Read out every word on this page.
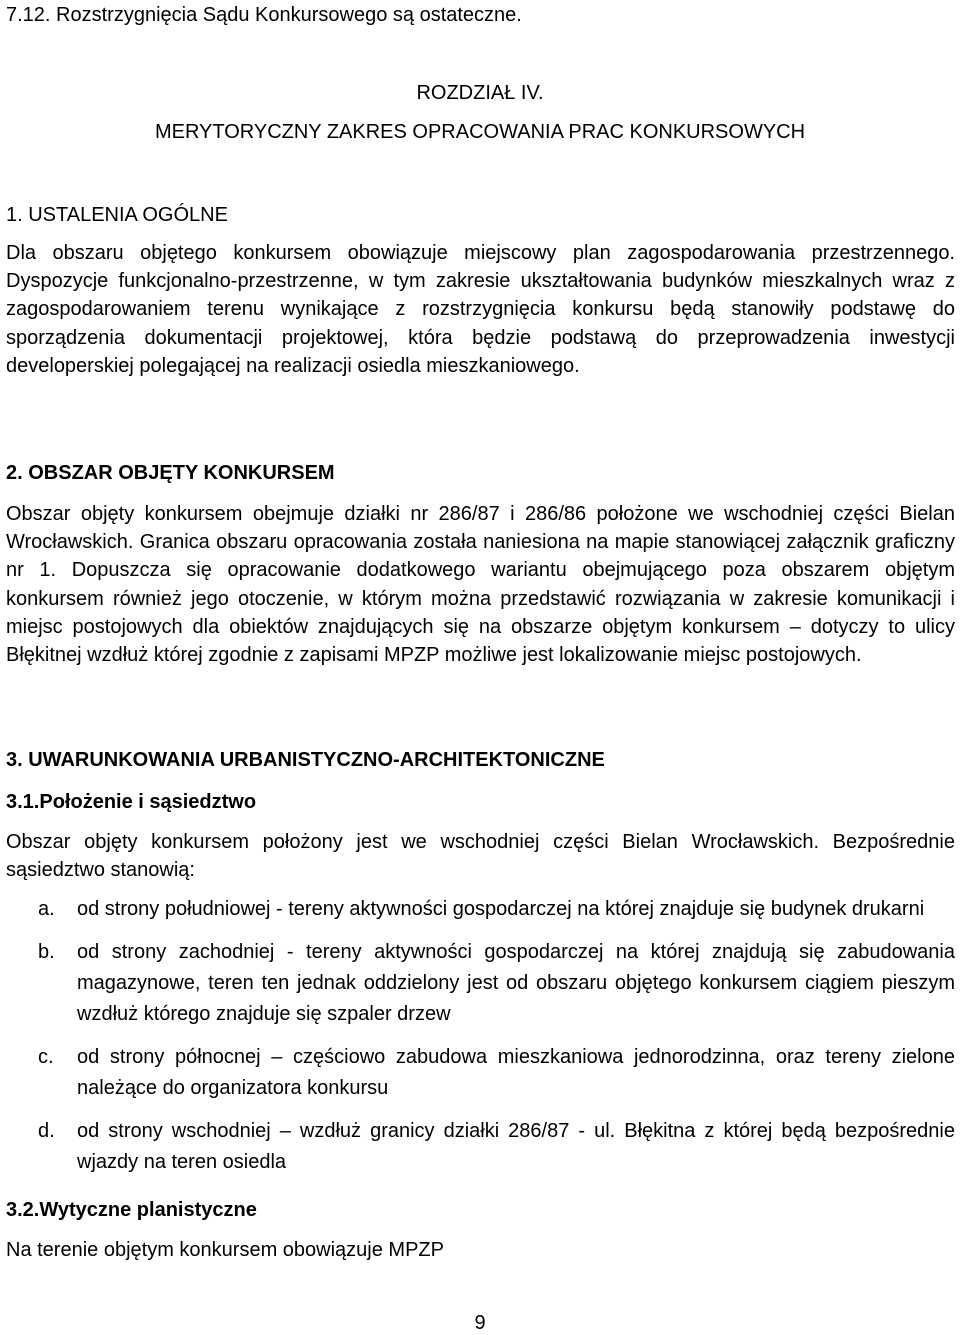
7.12. Rozstrzygnięcia Sądu Konkursowego są ostateczne.

ROZDZIAŁ IV.

MERYTORYCZNY ZAKRES OPRACOWANIA PRAC KONKURSOWYCH

1. USTALENIA OGÓLNE

Dla obszaru objętego konkursem obowiązuje miejscowy plan zagospodarowania przestrzennego. Dyspozycje funkcjonalno-przestrzenne, w tym zakresie ukształtowania budynków mieszkalnych wraz z zagospodarowaniem terenu wynikające z rozstrzygnięcia konkursu będą stanowiły podstawę do sporządzenia dokumentacji projektowej, która będzie podstawą do przeprowadzenia inwestycji developerskiej polegającej na realizacji osiedla mieszkaniowego.

2. OBSZAR OBJĘTY KONKURSEM

Obszar objęty konkursem obejmuje działki nr 286/87 i 286/86 położone we wschodniej części Bielan Wrocławskich. Granica obszaru opracowania została naniesiona na mapie stanowiącej załącznik graficzny nr 1. Dopuszcza się opracowanie dodatkowego wariantu obejmującego poza obszarem objętym konkursem również jego otoczenie, w którym można przedstawić rozwiązania w zakresie komunikacji i miejsc postojowych dla obiektów znajdujących się na obszarze objętym konkursem – dotyczy to ulicy Błękitnej wzdłuż której zgodnie z zapisami MPZP możliwe jest lokalizowanie miejsc postojowych.

3. UWARUNKOWANIA URBANISTYCZNO-ARCHITEKTONICZNE

3.1.Położenie i sąsiedztwo

Obszar objęty konkursem położony jest we wschodniej części Bielan Wrocławskich. Bezpośrednie sąsiedztwo stanowią:

a. od strony południowej - tereny aktywności gospodarczej na której znajduje się budynek drukarni
b. od strony zachodniej - tereny aktywności gospodarczej na której znajdują się zabudowania magazynowe, teren ten jednak oddzielony jest od obszaru objętego konkursem ciągiem pieszym wzdłuż którego znajduje się szpaler drzew
c. od strony północnej – częściowo zabudowa mieszkaniowa jednorodzinna, oraz tereny zielone należące do organizatora konkursu
d. od strony wschodniej – wzdłuż granicy działki 286/87 - ul. Błękitna z której będą bezpośrednie wjazdy na teren osiedla

3.2.Wytyczne planistyczne

Na terenie objętym konkursem obowiązuje MPZP

9
